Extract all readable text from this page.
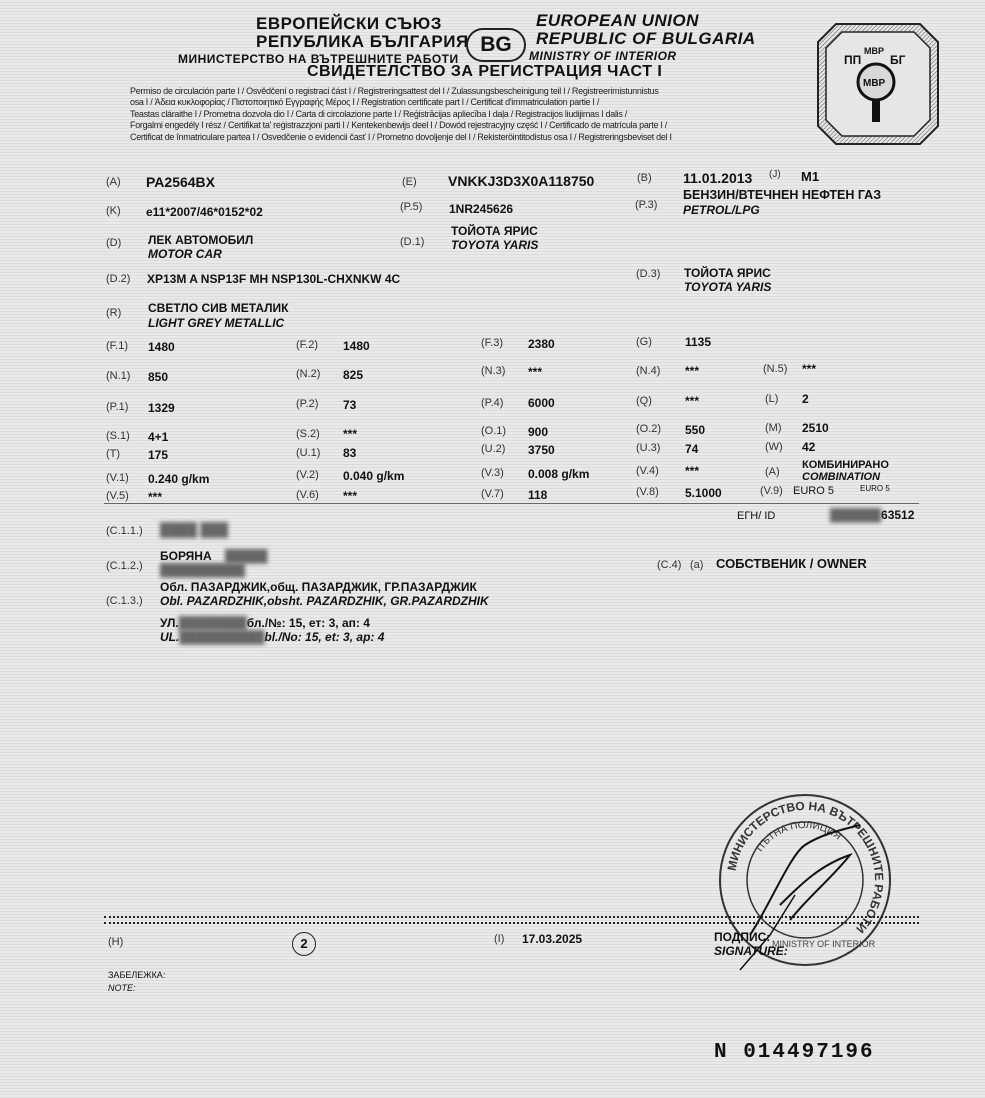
ЕВРОПЕЙСКИ СЪЮЗ
РЕПУБЛИКА БЪЛГАРИЯ
МИНИСТЕРСТВО НА ВЪТРЕШНИТЕ РАБОТИ
BG
EUROPEAN UNION
REPUBLIC OF BULGARIA
MINISTRY OF INTERIOR
СВИДЕТЕЛСТВО ЗА РЕГИСТРАЦИЯ ЧАСТ I
Permiso de circulación parte I / Osvědčení o registraci část I / Registreringsattest del I / Zulassungsbescheinigung teil I / Registreerimistunnistus
osa I / Άδεια κυκλοφορίας / Πιστοποιητικό Εγγραφής Μέρος I / Registration certificate part I / Certificat d'immatriculation partie I /
Teastas cláraithe I / Prometna dozvola dio I / Carta di circolazione parte I / Reģistrācijas apliecība I daļa / Registracijos liudijimas I dalis /
Forgalmi engedély I rész / Certifikat ta' reġistrazzjoni parti I / Kentekenbewijs deel I / Dowód rejestracyjny część I / Certificado de matrícula parte I /
Certificat de înmatriculare partea I / Osvedčenie o evidencii časť I / Prometno dovoljenje del I / Rekisteröintitodistus osa I / Registreringsbeviset del I
ПП
МВР
БГ
МВР
(A) PA2564BX	(E) VNKKJ3D3X0A118750	(B) 11.01.2013 (J) M1
(K) e11*2007/46*0152*02	(P.5) 1NR245626	(P.3)
БЕНЗИН/ВТЕЧНЕН НЕФТЕН ГАЗ
PETROL/LPG
(D) ЛЕК АВТОМОБИЛ
MOTOR CAR
(D.1)
ТОЙОТА ЯРИС
TOYOTA YARIS
(D.2) XP13M A NSP13F MH NSP130L-CHXNKW 4C	(D.3) ТОЙОТА ЯРИС
TOYOTA YARIS
(R) СВЕТЛО СИВ МЕТАЛИК
LIGHT GREY METALLIC
(F.1) 1480	(F.2) 1480	(F.3) 2380	(G)	1135
(N.1) 850	(N.2) 825	(N.3) ***	(N.4) ***	(N.5) ***
(P.1) 1329	(P.2) 73	(P.4) 6000	(Q)	***	(L) 2
(S.1) 4+1	(S.2) ***	(O.1) 900	(O.2) 550	(M) 2510
(T) 175	(U.1) 83	(U.2) 3750	(U.3) 74	(W) 42
(V.1) 0.240 g/km	(V.2) 0.040 g/km	(V.3) 0.008 g/km	(V.4) ***	(A)
КОМБИНИРАНО
COMBINATION
EURO 5
(V.5) ***	(V.6) ***	(V.7) 118	(V.8) 5.1000	(V.9) EURO 5
ЕГН/ ID	██████63512
(C.1.1.) ████ ███
(C.1.2.)
БОРЯНА █████
██████████
(C.1.3.)
Обл. ПАЗАРДЖИК,общ. ПАЗАРДЖИК, ГР.ПАЗАРДЖИК
Obl. PAZARDZHIK,obsht. PAZARDZHIK, GR.PAZARDZHIK
УЛ.████████бл./№: 15, ет: 3, ап: 4
UL.██████████bl./No: 15, et: 3, ap: 4
(C.4) (a) СОБСТВЕНИК / OWNER
МИНИСТЕРСТВО НА ВЪТРЕШНИТЕ РАБОТИ
ПЪТНА ПОЛИЦИЯ
MINISTRY OF INTERIOR
(H)	2	(I) 17.03.2025	ПОДПИС:
SIGNATURE:
ЗАБЕЛЕЖКА:
NOTE:
N 014497196
